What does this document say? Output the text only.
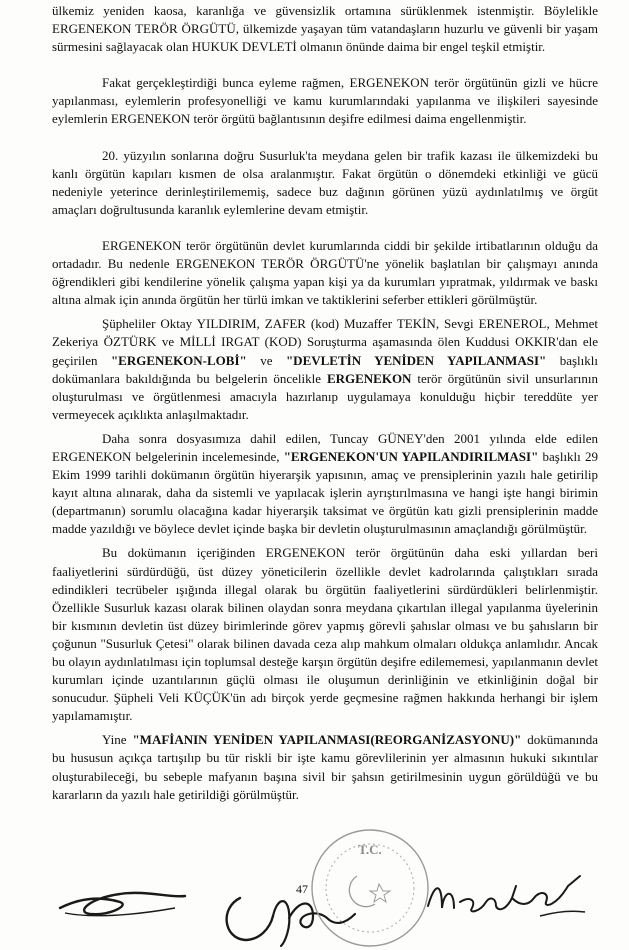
ülkemiz yeniden kaosa, karanlığa ve güvensizlik ortamına sürüklenmek istenmiştir. Böylelikle ERGENEKON TERÖR ÖRGÜTÜ, ülkemizde yaşayan tüm vatandaşların huzurlu ve güvenli bir yaşam sürmesini sağlayacak olan HUKUK DEVLETİ olmanın önünde daima bir engel teşkil etmiştir.

Fakat gerçekleştirdiği bunca eyleme rağmen, ERGENEKON terör örgütünün gizli ve hücre yapılanması, eylemlerin profesyonelliği ve kamu kurumlarındaki yapılanma ve ilişkileri sayesinde eylemlerin ERGENEKON terör örgütü bağlantısının deşifre edilmesi daima engellenmiştir.

20. yüzyılın sonlarına doğru Susurluk'ta meydana gelen bir trafik kazası ile ülkemizdeki bu kanlı örgütün kapıları kısmen de olsa aralanmıştır. Fakat örgütün o dönemdeki etkinliği ve gücü nedeniyle yeterince derinleştirilememiş, sadece buz dağının görünen yüzü aydınlatılmış ve örgüt amaçları doğrultusunda karanlık eylemlerine devam etmiştir.

ERGENEKON terör örgütünün devlet kurumlarında ciddi bir şekilde irtibatlarının olduğu da ortadadır. Bu nedenle ERGENEKON TERÖR ÖRGÜTÜ'ne yönelik başlatılan bir çalışmayı anında öğrendikleri gibi kendilerine yönelik çalışma yapan kişi ya da kurumları yıpratmak, yıldırmak ve baskı altına almak için anında örgütün her türlü imkan ve taktiklerini seferber ettikleri görülmüştür.

Şüpheliler Oktay YILDIRIM, ZAFER (kod) Muzaffer TEKİN, Sevgi ERENEROL, Mehmet Zekeriya ÖZTÜRK ve MİLLİ IRGAT (KOD) Soruşturma aşamasında ölen Kuddusi OKKIR'dan ele geçirilen "ERGENEKON-LOBİ" ve "DEVLETİN YENİDEN YAPILANMASI" başlıklı dokümanlara bakıldığında bu belgelerin öncelikle ERGENEKON terör örgütünün sivil unsurlarının oluşturulması ve örgütlenmesi amacıyla hazırlanıp uygulamaya konulduğu hiçbir tereddüte yer vermeyecek açıklıkta anlaşılmaktadır.

Daha sonra dosyasımıza dahil edilen, Tuncay GÜNEY'den 2001 yılında elde edilen ERGENEKON belgelerinin incelemesinde, "ERGENEKON'UN YAPILANDIRILMASI" başlıklı 29 Ekim 1999 tarihli dokümanın örgütün hiyerarşik yapısının, amaç ve prensiplerinin yazılı hale getirilip kayıt altına alınarak, daha da sistemli ve yapılacak işlerin ayrıştırılmasına ve hangi işte hangi birimin (departmanın) sorumlu olacağına kadar hiyerarşik taksimat ve örgütün katı gizli prensiplerinin madde madde yazıldığı ve böylece devlet içinde başka bir devletin oluşturulmasının amaçlandığı görülmüştür.

Bu dokümanın içeriğinden ERGENEKON terör örgütünün daha eski yıllardan beri faaliyetlerini sürdürdüğü, üst düzey yöneticilerin özellikle devlet kadrolarında çalıştıkları sırada edindikleri tecrübeler ışığında illegal olarak bu örgütün faaliyetlerini sürdürdükleri belirlenmiştir. Özellikle Susurluk kazası olarak bilinen olaydan sonra meydana çıkartılan illegal yapılanma üyelerinin bir kısmının devletin üst düzey birimlerinde görev yapmış görevli şahıslar olması ve bu şahısların bir çoğunun "Susurluk Çetesi" olarak bilinen davada ceza alıp mahkum olmaları oldukça anlamlıdır. Ancak bu olayın aydınlatılması için toplumsal desteğe karşın örgütün deşifre edilememesi, yapılanmanın devlet kurumları içinde uzantılarının güçlü olması ile oluşumun derinliğinin ve etkinliğinin doğal bir sonucudur. Şüpheli Veli KÜÇÜK'ün adı birçok yerde geçmesine rağmen hakkında herhangi bir işlem yapılamamıştır.

Yine "MAFİANIN YENİDEN YAPILANMASI(REORGANİZASYONU)" dokümanında bu hususun açıkça tartışılıp bu tür riskli bir işte kamu görevlilerinin yer almasının hukuki sıkıntılar oluşturabileceği, bu sebeple mafyanın başına sivil bir şahsın getirilmesinin uygun görüldüğü ve bu kararların da yazılı hale getirildiği görülmüştür.

T.C.
47
